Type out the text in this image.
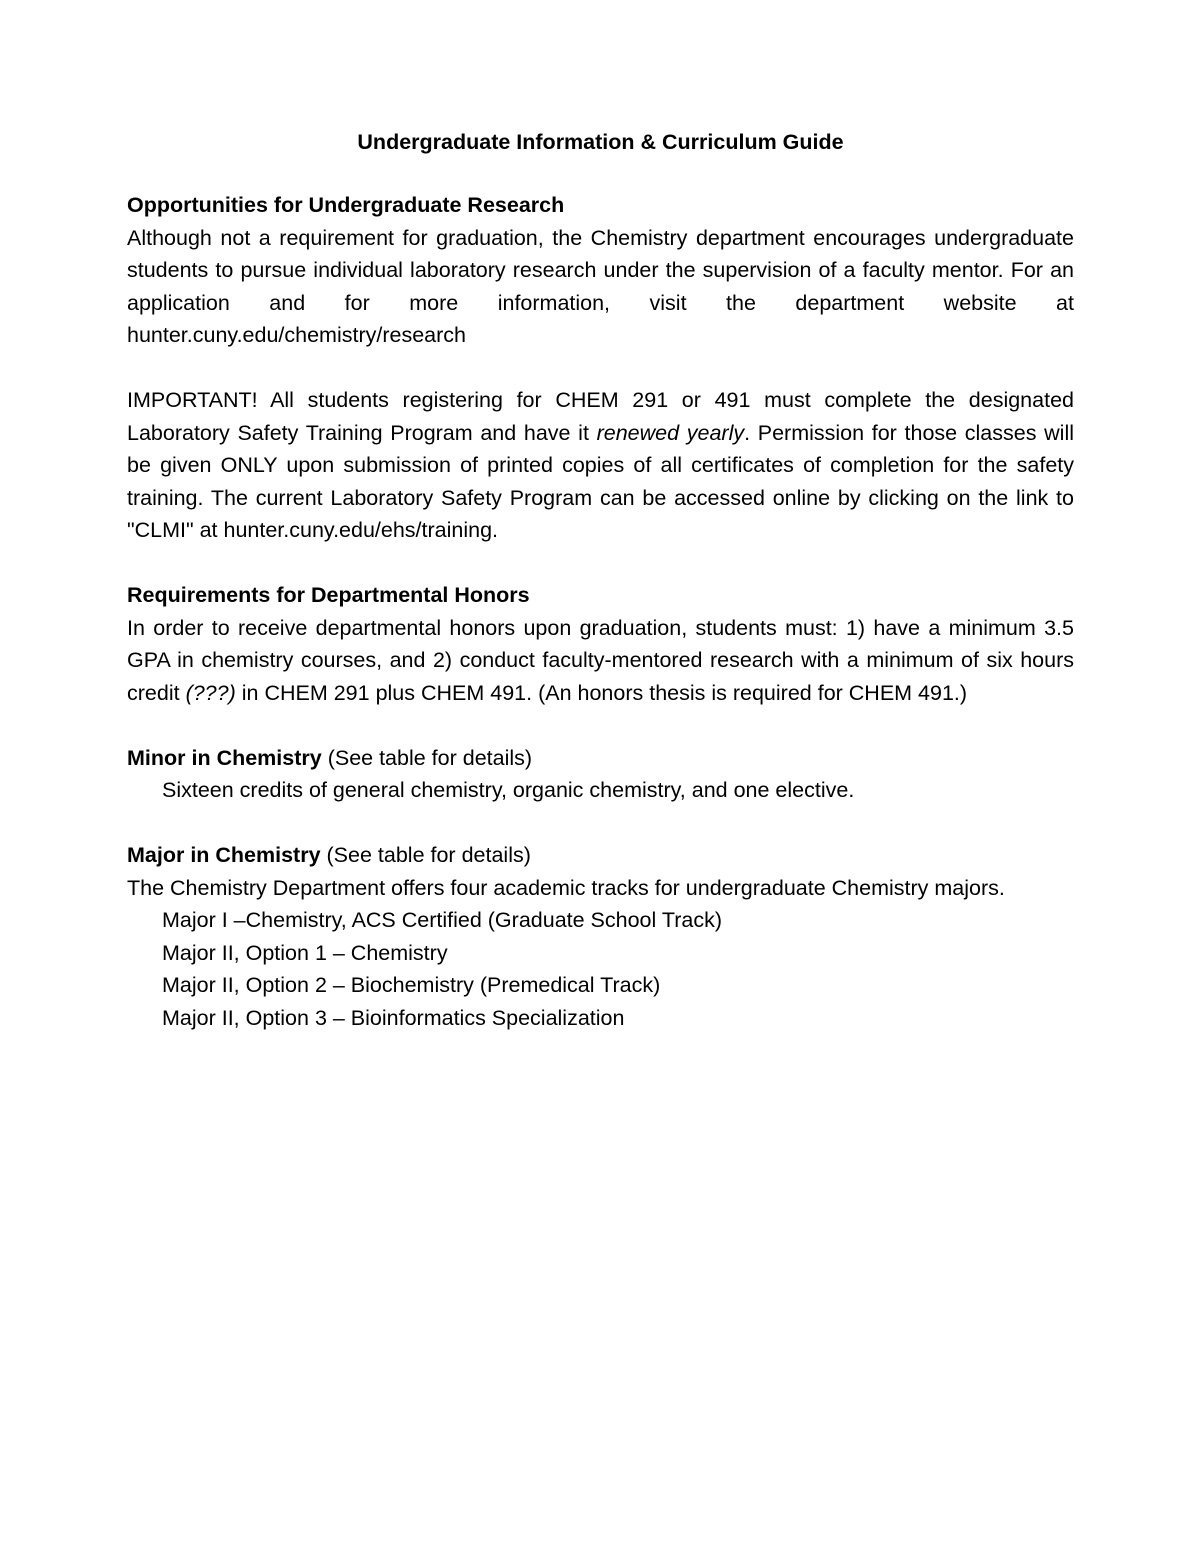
Undergraduate Information & Curriculum Guide

Opportunities for Undergraduate Research

Although not a requirement for graduation, the Chemistry department encourages undergraduate students to pursue individual laboratory research under the supervision of a faculty mentor. For an application and for more information, visit the department website at hunter.cuny.edu/chemistry/research

IMPORTANT! All students registering for CHEM 291 or 491 must complete the designated Laboratory Safety Training Program and have it renewed yearly. Permission for those classes will be given ONLY upon submission of printed copies of all certificates of completion for the safety training. The current Laboratory Safety Program can be accessed online by clicking on the link to "CLMI" at hunter.cuny.edu/ehs/training.

Requirements for Departmental Honors

In order to receive departmental honors upon graduation, students must: 1) have a minimum 3.5 GPA in chemistry courses, and 2) conduct faculty-mentored research with a minimum of six hours credit (???) in CHEM 291 plus CHEM 491. (An honors thesis is required for CHEM 491.)

Minor in Chemistry (See table for details)

Sixteen credits of general chemistry, organic chemistry, and one elective.

Major in Chemistry (See table for details)

The Chemistry Department offers four academic tracks for undergraduate Chemistry majors.

Major I –Chemistry, ACS Certified (Graduate School Track)

Major II, Option 1 – Chemistry

Major II, Option 2 – Biochemistry (Premedical Track)

Major II, Option 3 – Bioinformatics Specialization
